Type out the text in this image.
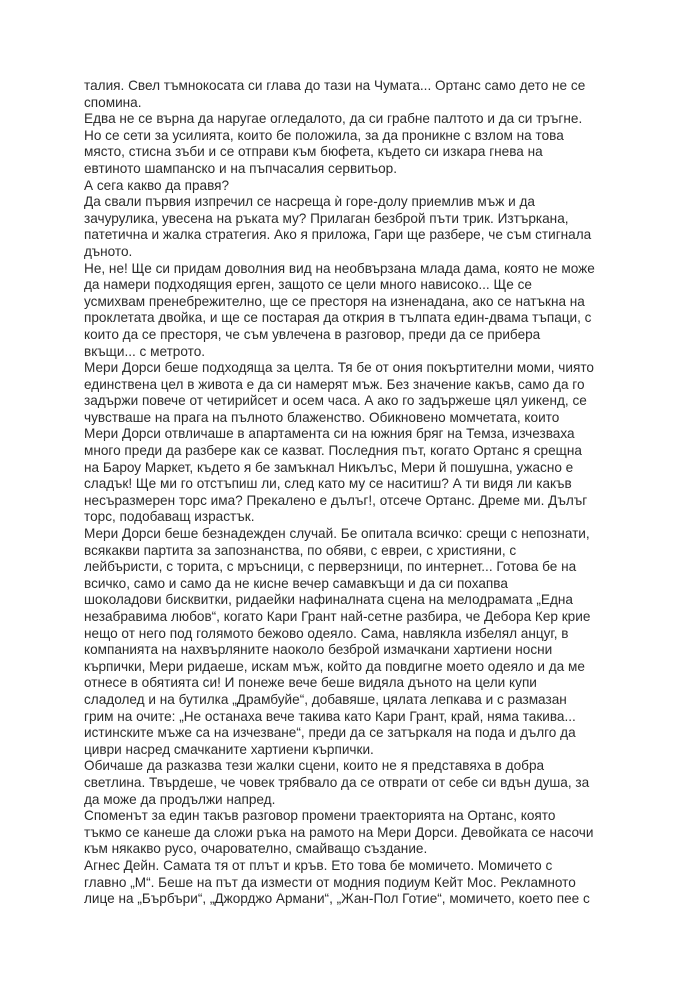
талия. Свел тъмнокосата си глава до тази на Чумата... Ортанс само дето не се
спомина.

Едва не се върна да наругае огледалото, да си грабне палтото и да си тръгне.
Но се сети за усилията, които бе положила, за да проникне с взлом на това
място, стисна зъби и се отправи към бюфета, където си изкара гнева на
евтиното шампанско и на пъпчасалия сервитьор.

А сега какво да правя?

Да свали първия изпречил се насреща ѝ горе-долу приемлив мъж и да
зачурулика, увесена на ръката му? Прилаган безброй пъти трик. Изтъркана,
патетична и жалка стратегия. Ако я приложа, Гари ще разбере, че съм стигнала
дъното.

Не, не! Ще си придам доволния вид на необвързана млада дама, която не може
да намери подходящия ерген, защото се цели много нависоко... Ще се
усмихвам пренебрежително, ще се престоря на изненадана, ако се натъкна на
проклетата двойка, и ще се постарая да открия в тълпата един-двама тъпаци, с
които да се престоря, че съм увлечена в разговор, преди да се прибера
вкъщи... с метрото.

Мери Дорси беше подходяща за целта. Тя бе от ония покъртителни моми, чиято
единствена цел в живота е да си намерят мъж. Без значение какъв, само да го
задържи повече от четирийсет и осем часа. А ако го задържеше цял уикенд, се
чувстваше на прага на пълното блаженство. Обикновено момчетата, които
Мери Дорси отвличаше в апартамента си на южния бряг на Темза, изчезваха
много преди да разбере как се казват. Последния път, когато Ортанс я срещна
на Бароу Маркет, където я бе замъкнал Никълъс, Мери й пошушна, ужасно е
сладък! Ще ми го отстъпиш ли, след като му се наситиш? А ти видя ли какъв
несъразмерен торс има? Прекалено е дълъг!, отсече Ортанс. Дреме ми. Дълъг
торс, подобаващ израстък.

Мери Дорси беше безнадежден случай. Бе опитала всичко: срещи с непознати,
всякакви партита за запознанства, по обяви, с евреи, с християни, с
лейбъристи, с торита, с мръсници, с перверзници, по интернет... Готова бе на
всичко, само и само да не кисне вечер самавкъщи и да си похапва
шоколадови бисквитки, ридаейки нафиналната сцена на мелодрамата „Една
незабравима любов“, когато Кари Грант най-сетне разбира, че Дебора Кер крие
нещо от него под голямото бежово одеяло. Сама, навлякла избелял анцуг, в
компанията на нахвърляните наоколо безброй измачкани хартиени носни
кърпички, Мери ридаеше, искам мъж, който да повдигне моето одеяло и да ме
отнесе в обятията си! И понеже вече беше видяла дъното на цели купи
сладолед и на бутилка „Драмбуйе“, добавяше, цялата лепкава и с размазан
грим на очите: „Не останаха вече такива като Кари Грант, край, няма такива...
истинските мъже са на изчезване“, преди да се затъркаля на пода и дълго да
циври насред смачканите хартиени кърпички.

Обичаше да разказва тези жалки сцени, които не я представяха в добра
светлина. Твърдеше, че човек трябвало да се отврати от себе си вдън душа, за
да може да продължи напред.

Споменът за един такъв разговор промени траекторията на Ортанс, която
тъкмо се канеше да сложи ръка на рамото на Мери Дорси. Девойката се насочи
към някакво русо, очарователно, смайващо създание.

Агнес Дейн. Самата тя от плът и кръв. Ето това бе момичето. Момичето с
главно „М“. Беше на път да измести от модния подиум Кейт Мос. Рекламното
лице на „Бърбъри“, „Джорджо Армани“, „Жан-Пол Готие“, момичето, което пее с
